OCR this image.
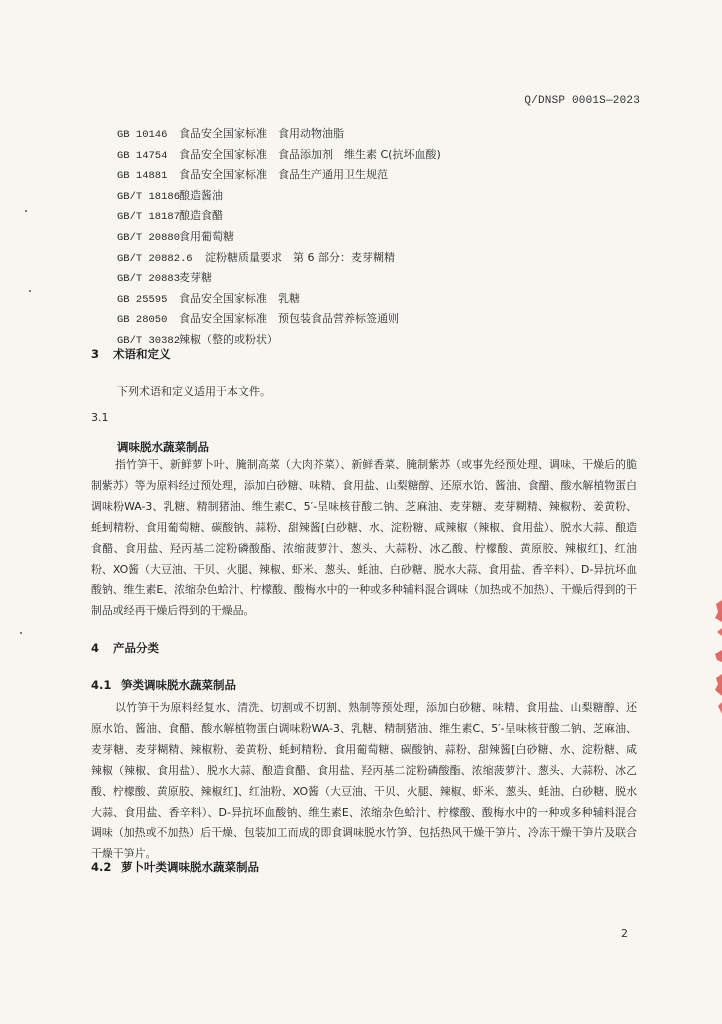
Q/DNSP 0001S—2023
GB 10146 食品安全国家标准　食用动物油脂
GB 14754 食品安全国家标准　食品添加剂　维生素 C(抗坏血酸)
GB 14881 食品安全国家标准　食品生产通用卫生规范
GB/T 18186酿造酱油
GB/T 18187酿造食醋
GB/T 20880食用葡萄糖
GB/T 20882.6 淀粉糖质量要求　第 6 部分：麦芽糊精
GB/T 20883麦芽糖
GB 25595 食品安全国家标准　乳糖
GB 28050 食品安全国家标准　预包装食品营养标签通则
GB/T 30382辣椒（整的或粉状）
3 术语和定义
下列术语和定义适用于本文件。
3.1
调味脱水蔬菜制品

指竹笋干、新鲜萝卜叶、腌制高菜（大肉芥菜）、新鲜香菜、腌制紫苏（或事先经预处理、调味、干燥后的脆制紫苏）等为原料经过预处理，添加白砂糖、味精、食用盐、山梨糖醇、还原水饴、酱油、食醋、酸水解植物蛋白调味粉WA-3、乳糖、精制猪油、维生素C、5′-呈味核苷酸二钠、芝麻油、麦芽糖、麦芽糊精、辣椒粉、姜黄粉、蚝蚵精粉、食用葡萄糖、碳酸钠、蒜粉、甜辣酱[白砂糖、水、淀粉糖、咸辣椒（辣椒、食用盐）、脱水大蒜、酿造食醋、食用盐、羟丙基二淀粉磷酸酯、浓缩菠萝汁、葱头、大蒜粉、冰乙酸、柠檬酸、黄原胶、辣椒红]、红油粉、XO酱（大豆油、干贝、火腿、辣椒、虾米、葱头、蚝油、白砂糖、脱水大蒜、食用盐、香辛料）、D-异抗坏血酸钠、维生素E、浓缩杂色蛤汁、柠檬酸、酸梅水中的一种或多种辅料混合调味（加热或不加热）、干燥后得到的干制品或经再干燥后得到的干燥品。

4 产品分类
4.1 笋类调味脱水蔬菜制品

以竹笋干为原料经复水、清洗、切割或不切割、熟制等预处理，添加白砂糖、味精、食用盐、山梨糖醇、还原水饴、酱油、食醋、酸水解植物蛋白调味粉WA-3、乳糖、精制猪油、维生素C、5′-呈味核苷酸二钠、芝麻油、麦芽糖、麦芽糊精、辣椒粉、姜黄粉、蚝蚵精粉、食用葡萄糖、碳酸钠、蒜粉、甜辣酱[白砂糖、水、淀粉糖、咸辣椒（辣椒、食用盐）、脱水大蒜、酿造食醋、食用盐、羟丙基二淀粉磷酸酯、浓缩菠萝汁、葱头、大蒜粉、冰乙酸、柠檬酸、黄原胶、辣椒红]、红油粉、XO酱（大豆油、干贝、火腿、辣椒、虾米、葱头、蚝油、白砂糖、脱水大蒜、食用盐、香辛料）、D-异抗坏血酸钠、维生素E、浓缩杂色蛤汁、柠檬酸、酸梅水中的一种或多种辅料混合调味（加热或不加热）后干燥、包装加工而成的即食调味脱水竹笋、包括热风干燥干笋片、冷冻干燥干笋片及联合干燥干笋片。

4.2 萝卜叶类调味脱水蔬菜制品
2
